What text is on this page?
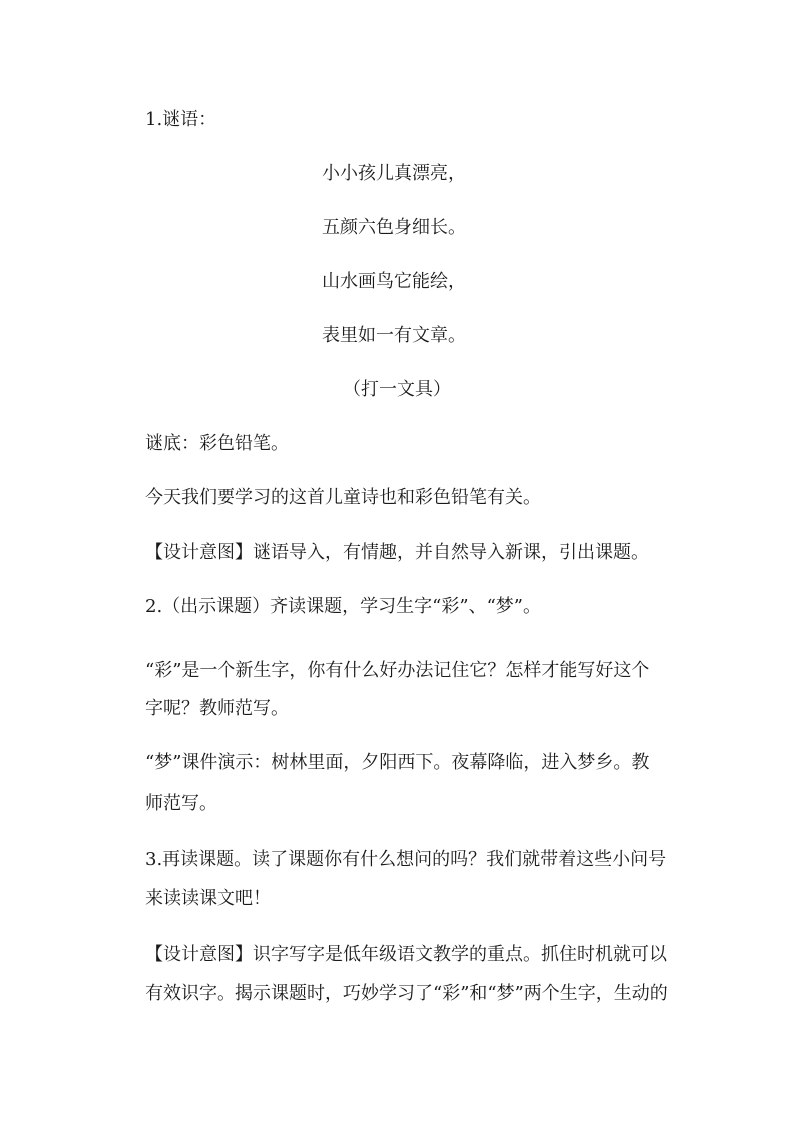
1.谜语：
小小孩儿真漂亮，
五颜六色身细长。
山水画鸟它能绘，
表里如一有文章。
（打一文具）
谜底：彩色铅笔。
今天我们要学习的这首儿童诗也和彩色铅笔有关。
【设计意图】谜语导入，有情趣，并自然导入新课，引出课题。
2.（出示课题）齐读课题，学习生字“彩”、“梦”。
“彩”是一个新生字，你有什么好办法记住它？怎样才能写好这个
字呢？教师范写。
“梦”课件演示：树林里面，夕阳西下。夜幕降临，进入梦乡。教
师范写。
3.再读课题。读了课题你有什么想问的吗？我们就带着这些小问号
来读读课文吧！
【设计意图】识字写字是低年级语文教学的重点。抓住时机就可以
有效识字。揭示课题时，巧妙学习了“彩”和“梦”两个生字，生动的
